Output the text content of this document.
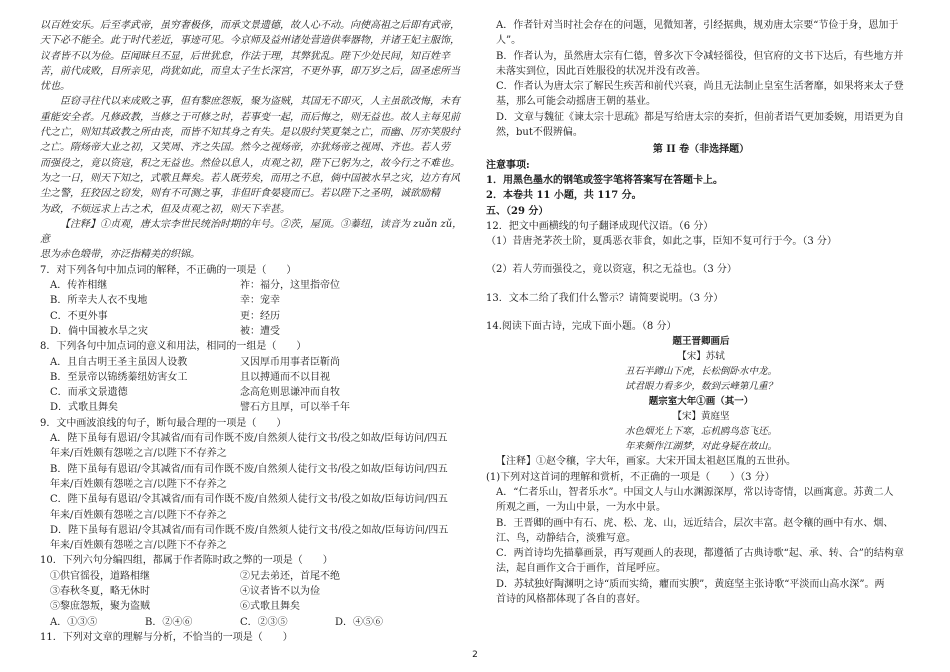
以百姓安乐。后至孝武帝，虽穷奢极侈，而承文景遗德，故人心不动。向使高祖之后即有武帝，

天下必不能全。此于时代差近，事迹可见。今京师及益州诸处营造供奉器物，并诸王妃主服饰，

议者皆不以为俭。臣闻昧旦丕显，后世犹怠，作法于理，其弊犹乱。陛下少处民间，知百姓辛

苦，前代成败，目所亲见，尚犹如此，而皇太子生长深宫，不更外事，即万岁之后，固圣虑所当

忧也。

臣窃寻往代以来成败之事，但有黎庶怨叛，聚为盗贼，其国无不即灭，人主虽欲改悔，未有

重能安全者。凡修政教，当修之于可修之时，若事变一起，而后悔之，则无益也。故人主每见前

代之亡，则知其政教之所由丧，而皆不知其身之有失。是以殷纣笑夏桀之亡，而幽、厉亦笑殷纣

之亡。隋炀帝大业之初，又笑周、齐之失国。然今之视炀帝，亦犹炀帝之视周、齐也。若人劳

而强役之，竟以资寇，积之无益也。然俭以息人，贞观之初，陛下已躬为之，故今行之不难也。

为之一日，则天下知之，式歌且舞矣。若人既劳矣，而用之不息，倘中国被水旱之灾，边方有风

尘之警，狂狡因之窃发，则有不可测之事，非但旰食晏寝而已。若以陛下之圣明，诚欲励精

为政，不烦远求上古之术，但及贞观之初，则天下幸甚。

【注释】①贞观，唐太宗李世民统治时期的年号。②茨，屋顶。③蓁纽，读音为 zuǎn zǔ，意

思为赤色缎带，亦泛指精美的织锦。

7．对下列各句中加点词的解释，不正确的一项是（　　）

A．传祚相继	祚：福分，这里指帝位
B．所幸夫人衣不曳地	幸：宠幸
C．不更外事	更：经历
D．倘中国被水旱之灾	被：遭受

8．下列各句中加点词的意义和用法，相同的一组是（　　）

A．且自古明王圣主虽因人设教	又因厚币用事者臣靳尚
B．至景帝以锦绣蓁纽妨害女工	且以搏通而不以目视
C．而承文景遗德	念高危则思谦冲而自牧
D．式歌且舞矣	譬石方且厚，可以举千年

9．文中画波浪线的句子，断句最合理的一项是（　　）

A．陛下虽每有恩诏/令其减省/而有司作既不废/自然须人徒行文书/役之如故/臣每访问/四五

年来/百姓颇有怨嗟之言/以陛下不存养之

B．陛下虽每有恩诏/令其减省/而有司作既不废/自然须人徒行文书/役之如故/臣每访问/四五

年来/百姓颇有怨嗟之言/以陛下不存养之

C．陛下虽每有恩诏/令其减省/而有司作既不废/自然须人徒行文书/役之如故/臣每访问/四五

年来/百姓颇有怨嗟之言/以陛下不存养之

D．陛下虽每有恩诏/令其减省/而有司作既不废/自然须人徒行文书/役之如故/臣每访问/四五

年来/百姓颇有怨嗟之言/以陛下不存养之

10．下列六句分编四组，都属于作者陈时政之弊的一项是（　　）

①供官徭役，道路相继	②兄去弟还，首尾不绝
③春秋冬夏，略无休时	④议者皆不以为俭
⑤黎庶怨叛，聚为盗贼	⑥式歌且舞矣
A．①③⑤	B．②④⑥	C．②③⑤	D．④⑤⑥

11．下列对文章的理解与分析，不恰当的一项是（　　）

A．作者针对当时社会存在的问题，见微知著，引经据典，规劝唐太宗要“节俭于身，恩加于

人”。

B．作者认为，虽然唐太宗有仁德，曾多次下令减轻徭役，但官府的文书下达后，有些地方并

未落实到位，因此百姓服役的状况并没有改善。

C．作者认为唐太宗了解民生疾苦和前代兴衰，尚且无法制止皇室生活奢靡，如果将来太子登

基，那么可能会动摇唐王朝的基业。

D．文章与魏征《谏太宗十思疏》都是写给唐太宗的奏折，但前者语气更加委婉，用语更为自

然，but不假辨偏。

第 II 卷（非选择题）

注意事项:

1．用黑色墨水的钢笔或签字笔将答案写在答题卡上。

2．本卷共 11 小题，共 117 分。

五、（29 分）

12．把文中画横线的句子翻译成现代汉语。（6 分）

（1）昔唐尧茅茨土阶，夏禹恶衣菲食，如此之事，臣知不复可行于今。（3 分）

（2）若人劳而强役之，竟以资寇，积之无益也。（3 分）

13．文本二给了我们什么警示？请简要说明。（3 分）

14.阅读下面古诗，完成下面小题。（8 分）

题王晋卿画后

【宋】苏轼

丑石半蹲山下虎，长松倒卧水中龙。

试君眼力看多少，数到云峰第几重？

题宗室大年①画（其一）

【宋】黄庭坚

水色烟光上下寒，忘机鸥鸟恣飞还。

年来频作江湖梦，对此身疑在故山。

【注释】①赵令穰，字大年，画家。大宋开国太祖赵匡胤的五世孙。

(1)下列对这首词的理解和赏析，不正确的一项是（　　）（3 分）

A．“仁者乐山，智者乐水”。中国文人与山水渊源深厚，常以诗寄情，以画寓意。苏黄二人

所观之画，一为山中景，一为水中景。

B．王晋卿的画中有石、虎、松、龙、山，远近结合，层次丰富。赵令穰的画中有水、烟、

江、鸟，动静结合，淡雅写意。

C．两首诗均先描摹画景，再写观画人的表现，都遵循了古典诗歌“起、承、转、合”的结构章

法，起自画作文合于画作，首尾呼应。

D．苏轼独好陶渊明之诗“质而实绮，癯而实腴”，黄庭坚主张诗歌“平淡而山高水深”。两

首诗的风格都体现了各自的喜好。

2
